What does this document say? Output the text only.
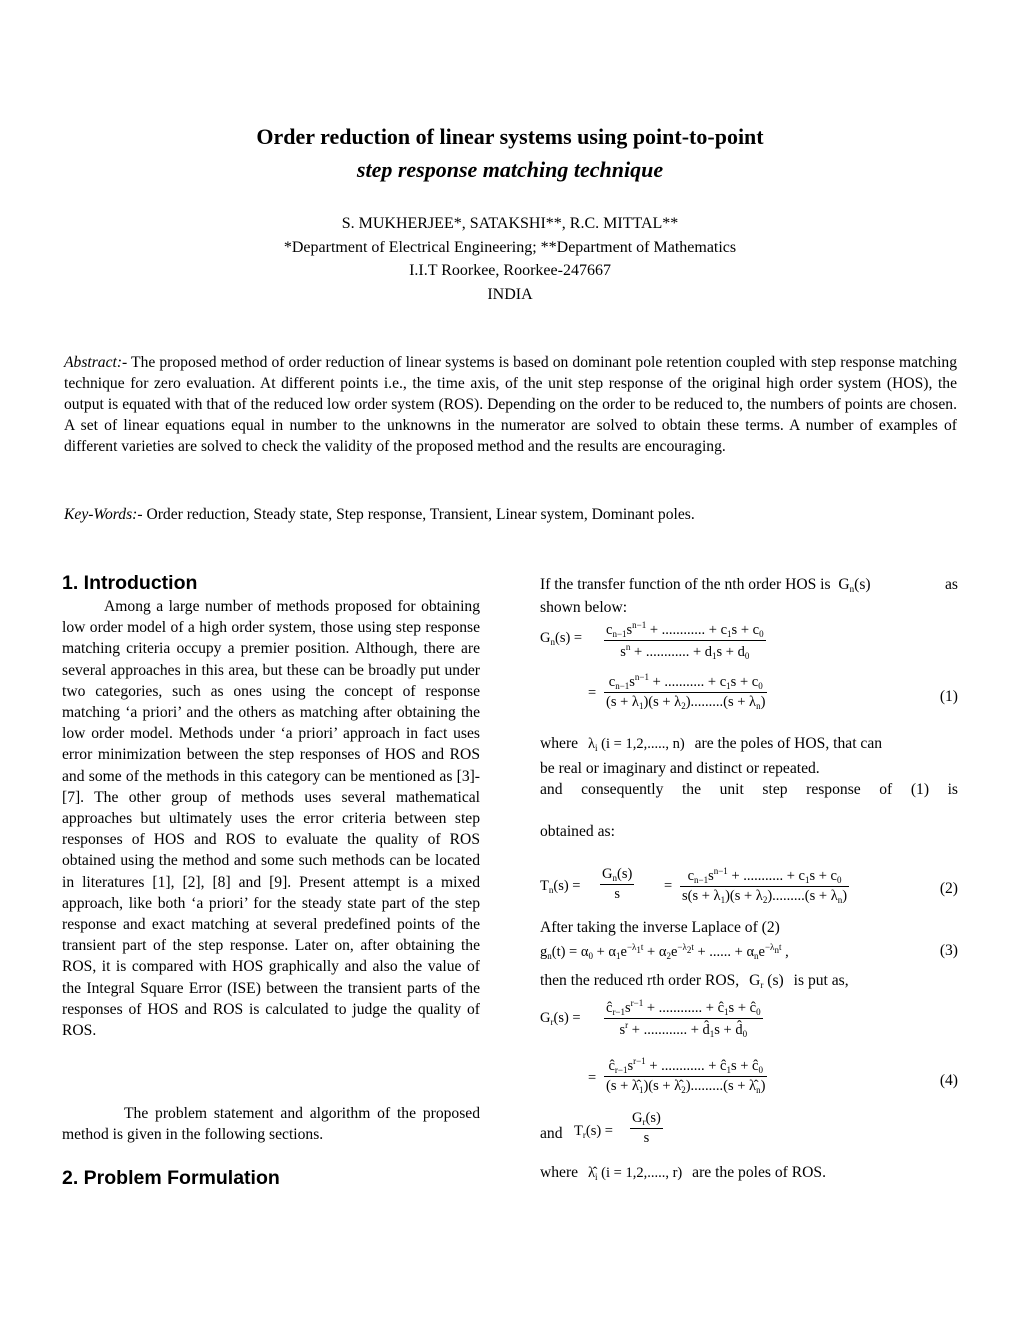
Order reduction of linear systems using point-to-point
step response matching technique
S. MUKHERJEE*, SATAKSHI**, R.C. MITTAL**
*Department of Electrical Engineering; **Department of Mathematics
I.I.T Roorkee, Roorkee-247667
INDIA
Abstract:- The proposed method of order reduction of linear systems is based on dominant pole retention coupled with step response matching technique for zero evaluation. At different points i.e., the time axis, of the unit step response of the original high order system (HOS), the output is equated with that of the reduced low order system (ROS). Depending on the order to be reduced to, the numbers of points are chosen. A set of linear equations equal in number to the unknowns in the numerator are solved to obtain these terms. A number of examples of different varieties are solved to check the validity of the proposed method and the results are encouraging.
Key-Words:- Order reduction, Steady state, Step response, Transient, Linear system, Dominant poles.
1. Introduction
Among a large number of methods proposed for obtaining low order model of a high order system, those using step response matching criteria occupy a premier position. Although, there are several approaches in this area, but these can be broadly put under two categories, such as ones using the concept of response matching ‘a priori’ and the others as matching after obtaining the low order model. Methods under ‘a priori’ approach in fact uses error minimization between the step responses of HOS and ROS and some of the methods in this category can be mentioned as [3]-[7]. The other group of methods uses several mathematical approaches but ultimately uses the error criteria between step responses of HOS and ROS to evaluate the quality of ROS obtained using the method and some such methods can be located in literatures [1], [2], [8] and [9]. Present attempt is a mixed approach, like both ‘a priori’ for the steady state part of the step response and exact matching at several predefined points of the transient part of the step response. Later on, after obtaining the ROS, it is compared with HOS graphically and also the value of the Integral Square Error (ISE) between the transient parts of the responses of HOS and ROS is calculated to judge the quality of ROS.
The problem statement and algorithm of the proposed method is given in the following sections.
2. Problem Formulation
If the transfer function of the nth order HOS is $G_n(s)$	as
shown below:
$G_n(s) = \frac{c_{n-1}s^{n-1} + ............ + c_1s + c_0}{s^n + ............ + d_1s + d_0}$
= $\frac{c_{n-1}s^{n-1} + ........... + c_1s + c_0}{(s + \lambda_1)(s + \lambda_2).........(s + \lambda_n)}$	(1)
where $\lambda_i$ (i = 1,2,....., n) are the poles of HOS, that can
be real or imaginary and distinct or repeated.
and consequently the unit step response of (1) is
obtained as:
$T_n(s) = \frac{G_n(s)}{s} = \frac{c_{n-1}s^{n-1} + ........... + c_1s + c_0}{s(s + \lambda_1)(s + \lambda_2).........(s + \lambda_n)}$	(2)
After taking the inverse Laplace of (2)
$g_n(t) = \alpha_0 + \alpha_1e^{-\lambda_1t} + \alpha_2e^{-\lambda_2t}$ + ...... + $\alpha_ne^{-\lambda_nt}$ ,	(3)
then the reduced rth order ROS, $G_r$ (s) is put as,
$G_r(s) = \frac{ĉ_{r-1}s^{r-1} + ............ + ĉ_1s + ĉ_0}{s^r + ............ + d̂_1s + d̂_0}$
= $\frac{ĉ_{r-1}s^{r-1} + ............ + ĉ_1s + ĉ_0}{(s + \lambdâ_1)(s + \lambdâ_2).........(s + \lambdâ_n)}$	(4)
and $T_r(s) = \frac{G_r(s)}{s}$
where $\lambdâ_i$ (i = 1,2,....., r) are the poles of ROS.
